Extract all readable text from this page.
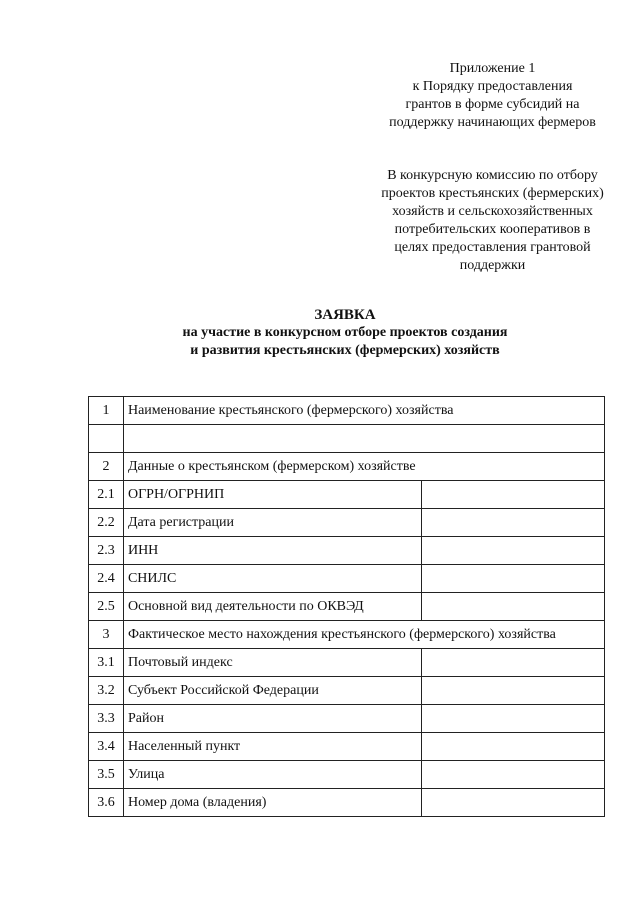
Приложение 1
к Порядку предоставления
грантов в форме субсидий на
поддержку начинающих фермеров
В конкурсную комиссию по отбору
проектов крестьянских (фермерских)
хозяйств и сельскохозяйственных
потребительских кооперативов в
целях предоставления грантовой
поддержки
ЗАЯВКА
на участие в конкурсном отборе проектов создания
и развития крестьянских (фермерских) хозяйств
1	Наименование крестьянского (фермерского) хозяйства	

2	Данные о крестьянском (фермерском) хозяйстве	
2.1	ОГРН/ОГРНИП	
2.2	Дата регистрации	
2.3	ИНН	
2.4	СНИЛС	
2.5	Основной вид деятельности по ОКВЭД	
3	Фактическое место нахождения крестьянского (фермерского) хозяйства	
3.1	Почтовый индекс	
3.2	Субъект Российской Федерации	
3.3	Район	
3.4	Населенный пункт	
3.5	Улица	
3.6	Номер дома (владения)	
